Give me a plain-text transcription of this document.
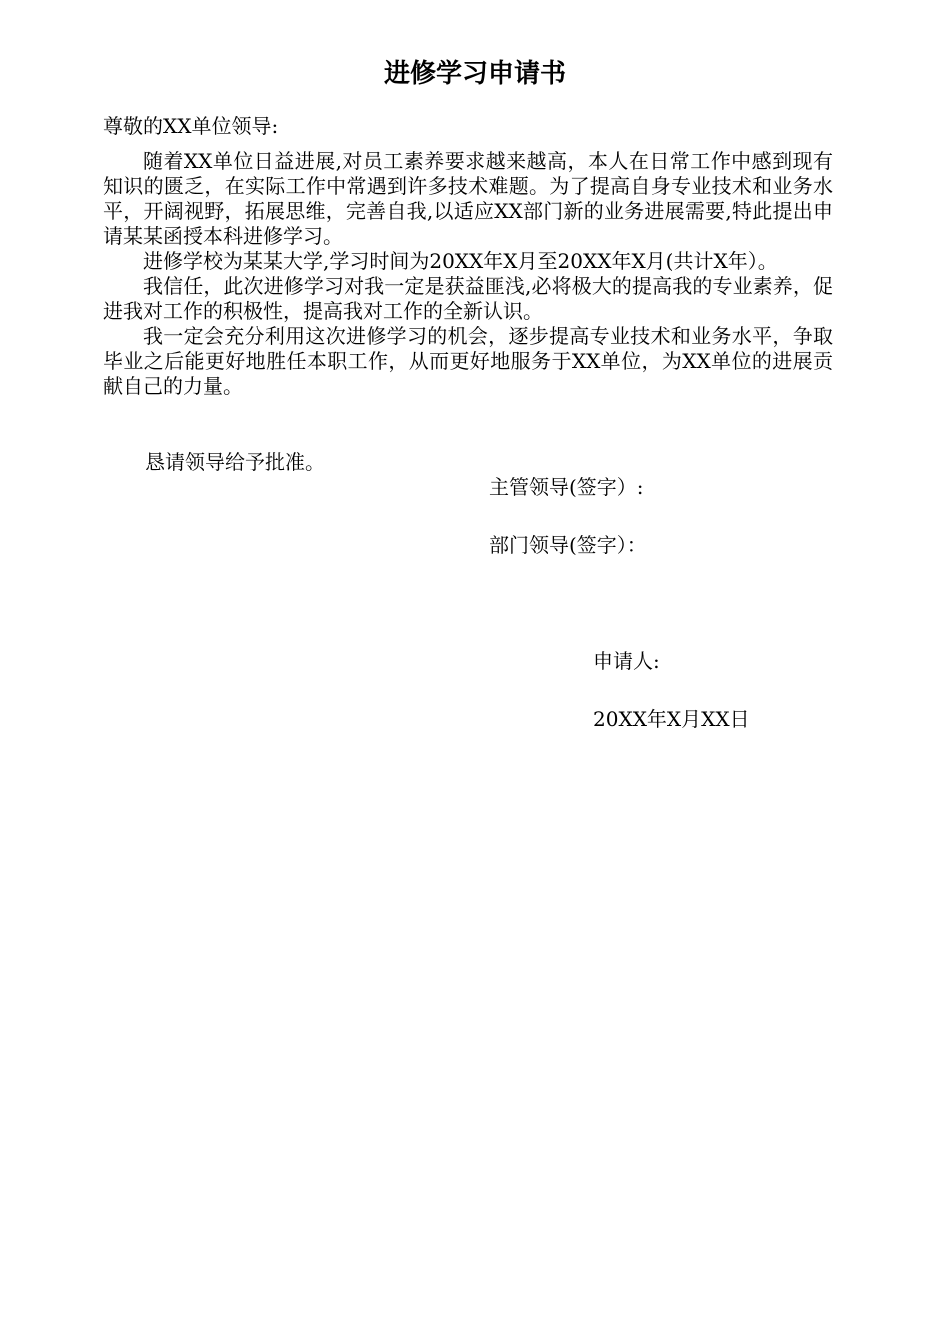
进修学习申请书

尊敬的XX单位领导:

随着XX单位日益进展,对员工素养要求越来越高，本人在日常工作中感到现有知识的匮乏，在实际工作中常遇到许多技术难题。为了提高自身专业技术和业务水平，开阔视野，拓展思维，完善自我,以适应XX部门新的业务进展需要,特此提出申请某某函授本科进修学习。

进修学校为某某大学,学习时间为20XX年X月至20XX年X月(共计X年）。

我信任，此次进修学习对我一定是获益匪浅,必将极大的提高我的专业素养，促进我对工作的积极性，提高我对工作的全新认识。

我一定会充分利用这次进修学习的机会，逐步提高专业技术和业务水平，争取毕业之后能更好地胜任本职工作，从而更好地服务于XX单位，为XX单位的进展贡献自己的力量。

恳请领导给予批准。

主管领导(签字）:

部门领导(签字）：

申请人:

20XX年X月XX日
